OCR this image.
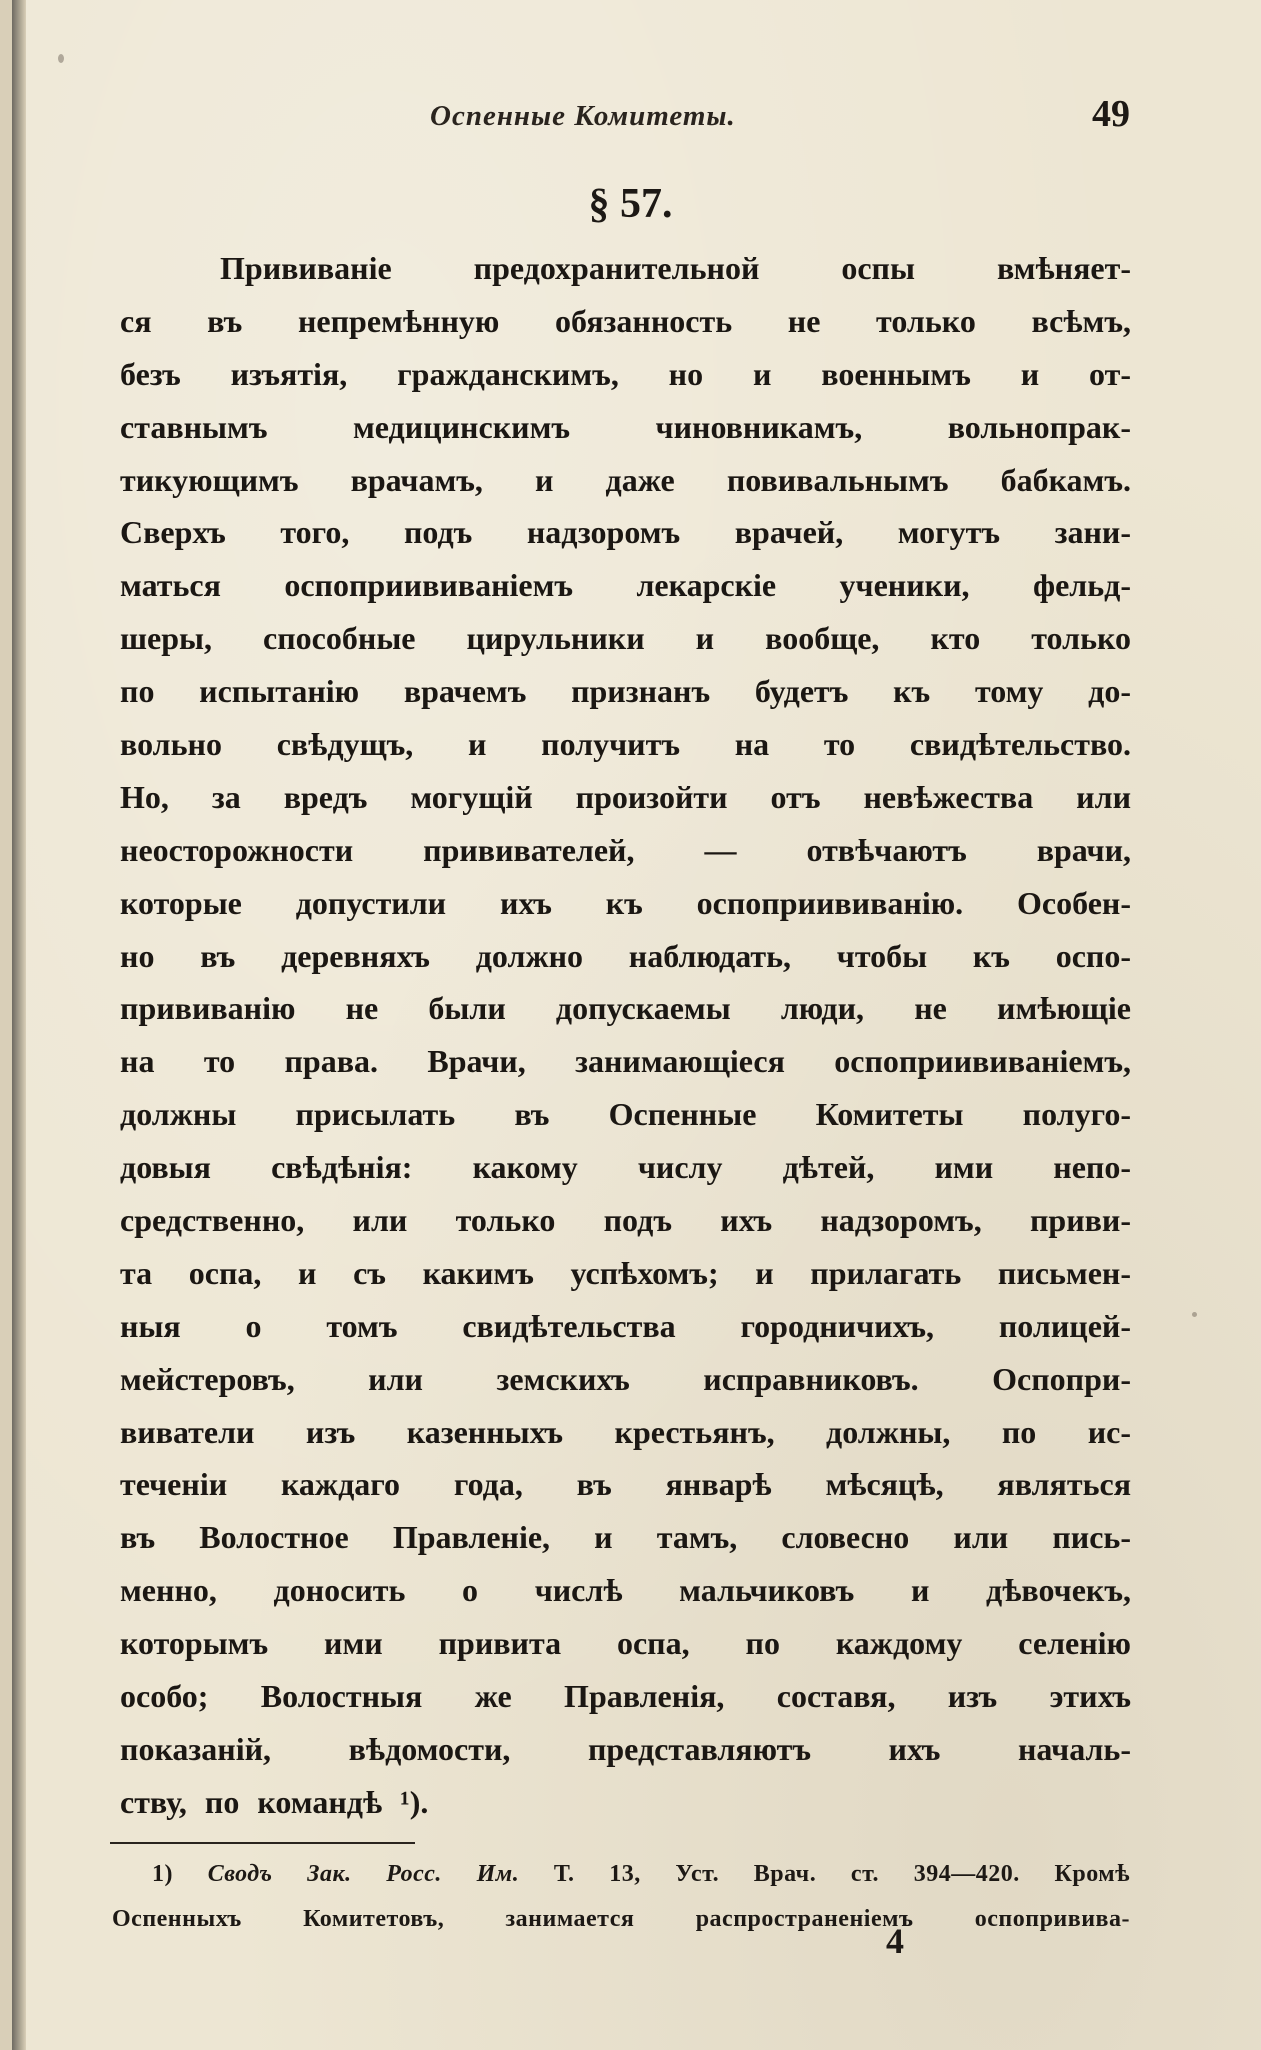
Оспенные Комитеты.	49
§ 57.
Прививаніе предохранительной оспы вмѣняет-
ся въ непремѣнную обязанность не только всѣмъ,
безъ изъятія, гражданскимъ, но и военнымъ и от-
ставнымъ медицинскимъ чиновникамъ, вольнопрак-
тикующимъ врачамъ, и даже повивальнымъ бабкамъ.
Сверхъ того, подъ надзоромъ врачей, могутъ зани-
маться оспоприививаніемъ лекарскіе ученики, фельд-
шеры, способные цирульники и вообще, кто только
по испытанію врачемъ признанъ будетъ къ тому до-
вольно свѣдущъ, и получитъ на то свидѣтельство.
Но, за вредъ могущій произойти отъ невѣжества или
неосторожности прививателей, — отвѣчаютъ врачи,
которые допустили ихъ къ оспоприививанію. Особен-
но въ деревняхъ должно наблюдать, чтобы къ оспо-
прививанію не были допускаемы люди, не имѣющіе
на то права. Врачи, занимающіеся оспоприививаніемъ,
должны присылать въ Оспенные Комитеты полуго-
довыя свѣдѣнія: какому числу дѣтей, ими непо-
средственно, или только подъ ихъ надзоромъ, приви-
та оспа, и съ какимъ успѣхомъ; и прилагать письмен-
ныя о томъ свидѣтельства городничихъ, полицей-
мейстеровъ, или земскихъ исправниковъ. Оспопри-
виватели изъ казенныхъ крестьянъ, должны, по ис-
теченіи каждаго года, въ январѣ мѣсяцѣ, являться
въ Волостное Правленіе, и тамъ, словесно или пись-
менно, доносить о числѣ мальчиковъ и дѣвочекъ,
которымъ ими привита оспа, по каждому селенію
особо; Волостныя же Правленія, составя, изъ этихъ
показаній, вѣдомости, представляютъ ихъ началь-
ству, по командѣ ¹).
1) Сводъ Зак. Росс. Им. Т. 13, Уст. Врач. ст. 394—420. Кромѣ
Оспенныхъ Комитетовъ, занимается распространеніемъ оспопривива-
4
